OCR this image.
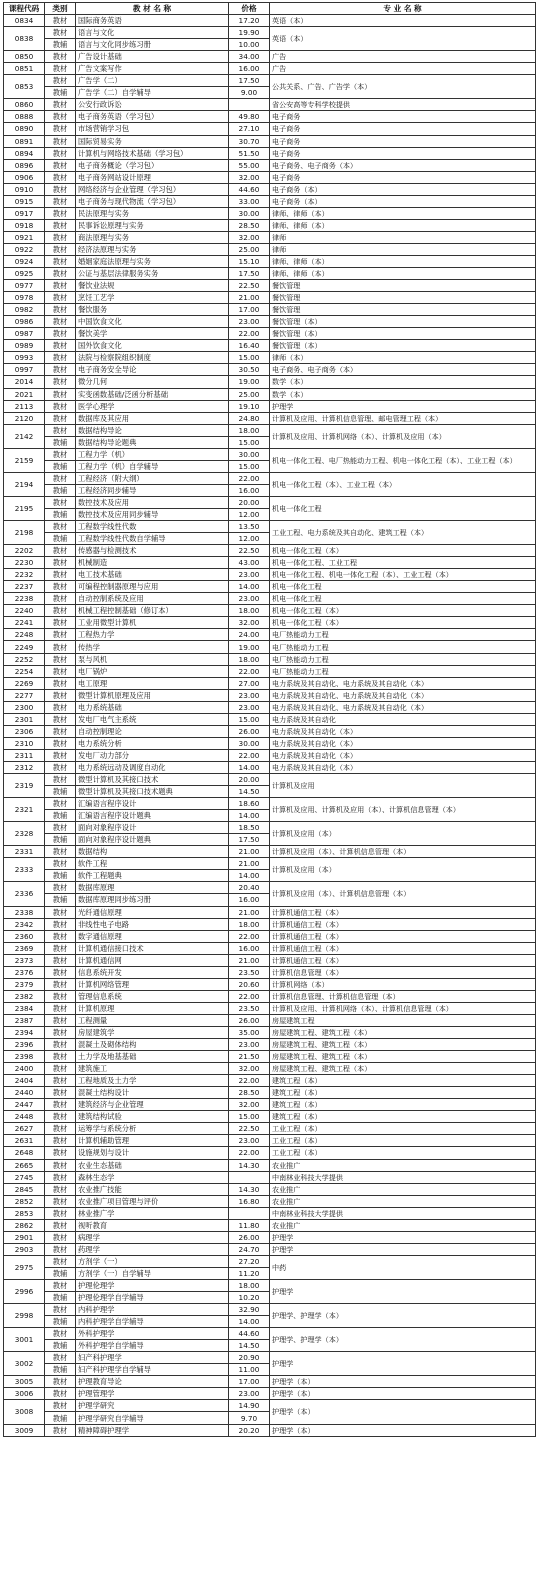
课程代码	类别	教 材 名 称	价格	专 业 名 称
0834	教材	国际商务英语	17.20	英语（本）
0838	教材	语言与文化	19.90	英语（本）
	教辅	语言与文化同步练习册	10.00	
0850	教材	广告设计基础	34.00	广告
0851	教材	广告文案写作	16.00	广告
0853	教材	广告学（二）	17.50	公共关系、广告、广告学（本）
	教辅	广告学（二）自学辅导	9.00	
0860	教材	公安行政诉讼		省公安高等专科学校提供
0888	教材	电子商务英语（学习包）	49.80	电子商务
0890	教材	市场营销学习包	27.10	电子商务
0891	教材	国际贸易实务	30.70	电子商务
0894	教材	计算机与网络技术基础（学习包）	51.50	电子商务
0896	教材	电子商务概论（学习包）	55.00	电子商务、电子商务（本）
0906	教材	电子商务网站设计原理	32.00	电子商务
0910	教材	网络经济与企业管理（学习包）	44.60	电子商务（本）
0915	教材	电子商务与现代物流（学习包）	33.00	电子商务（本）
0917	教材	民法原理与实务	30.00	律师、律师（本）
0918	教材	民事诉讼原理与实务	28.50	律师、律师（本）
0921	教材	商法原理与实务	32.00	律师
0922	教材	经济法原理与实务	25.00	律师
0924	教材	婚姻家庭法原理与实务	15.10	律师、律师（本）
0925	教材	公证与基层法律服务实务	17.50	律师、律师（本）
0977	教材	餐饮业法规	22.50	餐饮管理
0978	教材	烹饪工艺学	21.00	餐饮管理
0982	教材	餐饮服务	17.00	餐饮管理
0986	教材	中国饮食文化	23.00	餐饮管理（本）
0987	教材	餐饮美学	22.00	餐饮管理（本）
0989	教材	国外饮食文化	16.40	餐饮管理（本）
0993	教材	法院与检察院组织制度	15.00	律师（本）
0997	教材	电子商务安全导论	30.50	电子商务、电子商务（本）
2014	教材	微分几何	19.00	数学（本）
2021	教材	实变函数基础/泛函分析基础	25.00	数学（本）
2113	教材	医学心理学	19.10	护理学
2120	教材	数据库及其应用	24.80	计算机及应用、计算机信息管理、邮电管理工程（本）
2142	教材	数据结构导论	18.00	计算机及应用、计算机网络（本）、计算机及应用（本）
	教辅	数据结构导论题典	15.00	
2159	教材	工程力学（机）	30.00	机电一体化工程、电厂热能动力工程、机电一体化工程（本）、工业工程（本）
	教辅	工程力学（机）自学辅导	15.00	
2194	教材	工程经济（附大纲）	22.00	机电一体化工程（本）、工业工程（本）
	教辅	工程经济同步辅导	16.00	
2195	教材	数控技术及应用	20.00	机电一体化工程
	教辅	数控技术及应用同步辅导	12.00	
2198	教材	工程数学线性代数	13.50	工业工程、电力系统及其自动化、建筑工程（本）
	教辅	工程数学线性代数自学辅导	12.00	
2202	教材	传感器与检测技术	22.50	机电一体化工程（本）
2230	教材	机械制造	43.00	机电一体化工程、工业工程
2232	教材	电工技术基础	23.00	机电一体化工程、机电一体化工程（本）、工业工程（本）
2237	教材	可编程控制器原理与应用	14.00	机电一体化工程
2238	教材	自动控制系统及应用	23.00	机电一体化工程
2240	教材	机械工程控制基础（修订本）	18.00	机电一体化工程（本）
2241	教材	工业用微型计算机	32.00	机电一体化工程（本）
2248	教材	工程热力学	24.00	电厂热能动力工程
2249	教材	传热学	19.00	电厂热能动力工程
2252	教材	泵与风机	18.00	电厂热能动力工程
2254	教材	电厂锅炉	22.00	电厂热能动力工程
2269	教材	电工原理	27.00	电力系统及其自动化、电力系统及其自动化（本）
2277	教材	微型计算机原理及应用	23.00	电力系统及其自动化、电力系统及其自动化（本）
2300	教材	电力系统基础	23.00	电力系统及其自动化、电力系统及其自动化（本）
2301	教材	发电厂电气主系统	15.00	电力系统及其自动化
2306	教材	自动控制理论	26.00	电力系统及其自动化（本）
2310	教材	电力系统分析	30.00	电力系统及其自动化（本）
2311	教材	发电厂动力部分	22.00	电力系统及其自动化（本）
2312	教材	电力系统远动及调度自动化	14.00	电力系统及其自动化（本）
2319	教材	微型计算机及其接口技术	20.00	计算机及应用
	教辅	微型计算机及其接口技术题典	14.50	
2321	教材	汇编语言程序设计	18.60	计算机及应用、计算机及应用（本）、计算机信息管理（本）
	教辅	汇编语言程序设计题典	14.00	
2328	教材	面向对象程序设计	18.50	计算机及应用（本）
	教辅	面向对象程序设计题典	17.50	
2331	教材	数据结构	21.00	计算机及应用（本）、计算机信息管理（本）
2333	教材	软件工程	21.00	计算机及应用（本）
	教辅	软件工程题典	14.00	
2336	教材	数据库原理	20.40	计算机及应用（本）、计算机信息管理（本）
	教辅	数据库原理同步练习册	16.00	
2338	教材	光纤通信原理	21.00	计算机通信工程（本）
2342	教材	非线性电子电路	18.00	计算机通信工程（本）
2360	教材	数字通信原理	22.00	计算机通信工程（本）
2369	教材	计算机通信接口技术	16.00	计算机通信工程（本）
2373	教材	计算机通信网	21.00	计算机通信工程（本）
2376	教材	信息系统开发	23.50	计算机信息管理（本）
2379	教材	计算机网络管理	20.60	计算机网络（本）
2382	教材	管理信息系统	22.00	计算机信息管理、计算机信息管理（本）
2384	教材	计算机原理	23.50	计算机及应用、计算机网络（本）、计算机信息管理（本）
2387	教材	工程测量	26.00	房屋建筑工程
2394	教材	房屋建筑学	35.00	房屋建筑工程、建筑工程（本）
2396	教材	混凝土及砌体结构	23.00	房屋建筑工程、建筑工程（本）
2398	教材	土力学及地基基础	21.50	房屋建筑工程、建筑工程（本）
2400	教材	建筑施工	32.00	房屋建筑工程、建筑工程（本）
2404	教材	工程地质及土力学	22.00	建筑工程（本）
2440	教材	混凝土结构设计	28.50	建筑工程（本）
2447	教材	建筑经济与企业管理	32.00	建筑工程（本）
2448	教材	建筑结构试验	15.00	建筑工程（本）
2627	教材	运筹学与系统分析	22.50	工业工程（本）
2631	教材	计算机辅助管理	23.00	工业工程（本）
2648	教材	设施规划与设计	22.00	工业工程（本）
2665	教材	农业生态基础	14.30	农业推广
2745	教材	森林生态学		中南林业科技大学提供
2845	教材	农业推广技能	14.30	农业推广
2852	教材	农业推广项目管理与评价	16.80	农业推广
2853	教材	林业推广学		中南林业科技大学提供
2862	教材	视听教育	11.80	农业推广
2901	教材	病理学	26.00	护理学
2903	教材	药理学	24.70	护理学
2975	教材	方剂学（一）	27.20	中药
	教辅	方剂学（一）自学辅导	11.20	
2996	教材	护理伦理学	18.00	护理学
	教辅	护理伦理学自学辅导	10.20	
2998	教材	内科护理学	32.90	护理学、护理学（本）
	教辅	内科护理学自学辅导	14.00	
3001	教材	外科护理学	44.60	护理学、护理学（本）
	教辅	外科护理学自学辅导	14.50	
3002	教材	妇产科护理学	20.90	护理学
	教辅	妇产科护理学自学辅导	11.00	
3005	教材	护理教育导论	17.00	护理学（本）
3006	教材	护理管理学	23.00	护理学（本）
3008	教材	护理学研究	14.90	护理学（本）
	教辅	护理学研究自学辅导	9.70	
3009	教材	精神障碍护理学	20.20	护理学（本）
